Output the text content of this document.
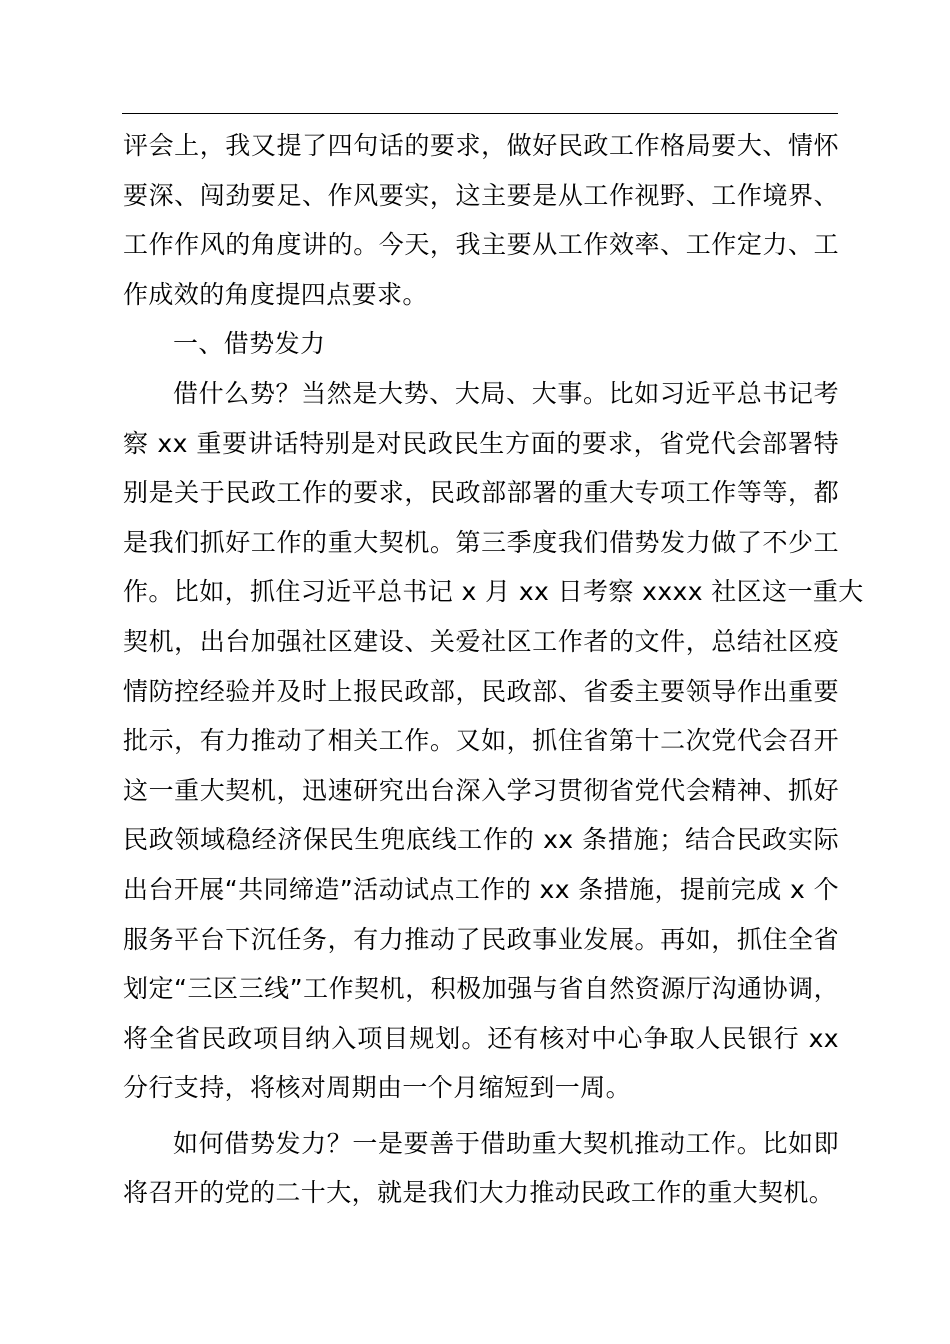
评会上，我又提了四句话的要求，做好民政工作格局要大、情怀
要深、闯劲要足、作风要实，这主要是从工作视野、工作境界、
工作作风的角度讲的。今天，我主要从工作效率、工作定力、工
作成效的角度提四点要求。
一、借势发力
借什么势？当然是大势、大局、大事。比如习近平总书记考
察 xx 重要讲话特别是对民政民生方面的要求，省党代会部署特
别是关于民政工作的要求，民政部部署的重大专项工作等等，都
是我们抓好工作的重大契机。第三季度我们借势发力做了不少工
作。比如，抓住习近平总书记 x 月 xx 日考察 xxxx 社区这一重大
契机，出台加强社区建设、关爱社区工作者的文件，总结社区疫
情防控经验并及时上报民政部，民政部、省委主要领导作出重要
批示，有力推动了相关工作。又如，抓住省第十二次党代会召开
这一重大契机，迅速研究出台深入学习贯彻省党代会精神、抓好
民政领域稳经济保民生兜底线工作的 xx 条措施；结合民政实际
出台开展“共同缔造”活动试点工作的 xx 条措施，提前完成 x 个
服务平台下沉任务，有力推动了民政事业发展。再如，抓住全省
划定“三区三线”工作契机，积极加强与省自然资源厅沟通协调，
将全省民政项目纳入项目规划。还有核对中心争取人民银行 xx
分行支持，将核对周期由一个月缩短到一周。
如何借势发力？一是要善于借助重大契机推动工作。比如即
将召开的党的二十大，就是我们大力推动民政工作的重大契机。
